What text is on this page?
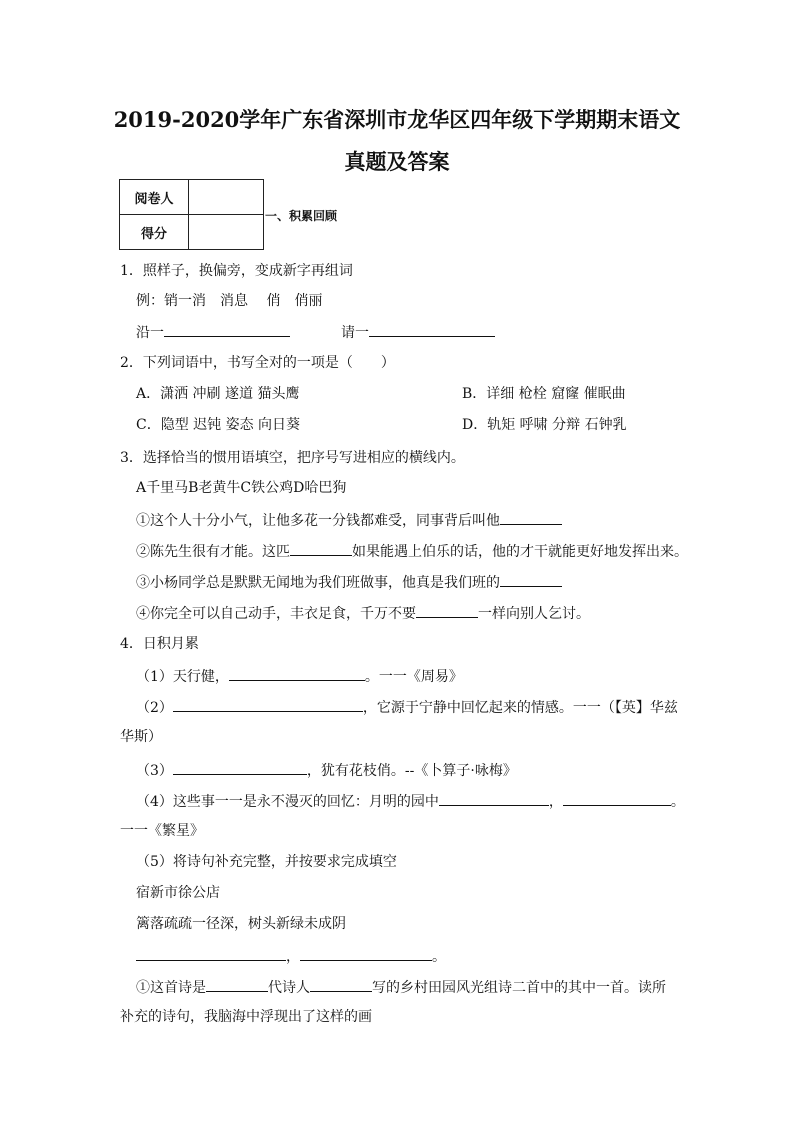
2019-2020学年广东省深圳市龙华区四年级下学期期末语文
真题及答案
阅卷人	
得分	
一、积累回顾
1．照样子，换偏旁，变成新字再组词
例：销一消　消息　 俏　俏丽
沿一	请一
2．下列词语中，书写全对的一项是（　　）
A．潇洒 冲刷 遂道 猫头鹰	B．详细 枪栓 窟窿 催眠曲
C．隐型 迟钝 姿态 向日葵	D．轨矩 呼啸 分辩 石钟乳
3．选择恰当的惯用语填空，把序号写进相应的横线内。
A千里马B老黄牛C铁公鸡D哈巴狗
①这个人十分小气，让他多花一分钱都难受，同事背后叫他
②陈先生很有才能。这匹	如果能遇上伯乐的话，他的才干就能更好地发挥出来。
③小杨同学总是默默无闻地为我们班做事，他真是我们班的
④你完全可以自己动手，丰衣足食，千万不要	一样向别人乞讨。
4．日积月累
（1）天行健，	。一一《周易》
（2）	，它源于宁静中回忆起来的情感。一一（【英】华兹
华斯）
（3）	，犹有花枝俏。--《卜算子·咏梅》
（4）这些事一一是永不漫灭的回忆：月明的园中	，	。
一一《繁星》
（5）将诗句补充完整，并按要求完成填空
宿新市徐公店
篱落疏疏一径深，树头新绿未成阴
，	。
①这首诗是	代诗人	写的乡村田园风光组诗二首中的其中一首。读所
补充的诗句，我脑海中浮现出了这样的画
